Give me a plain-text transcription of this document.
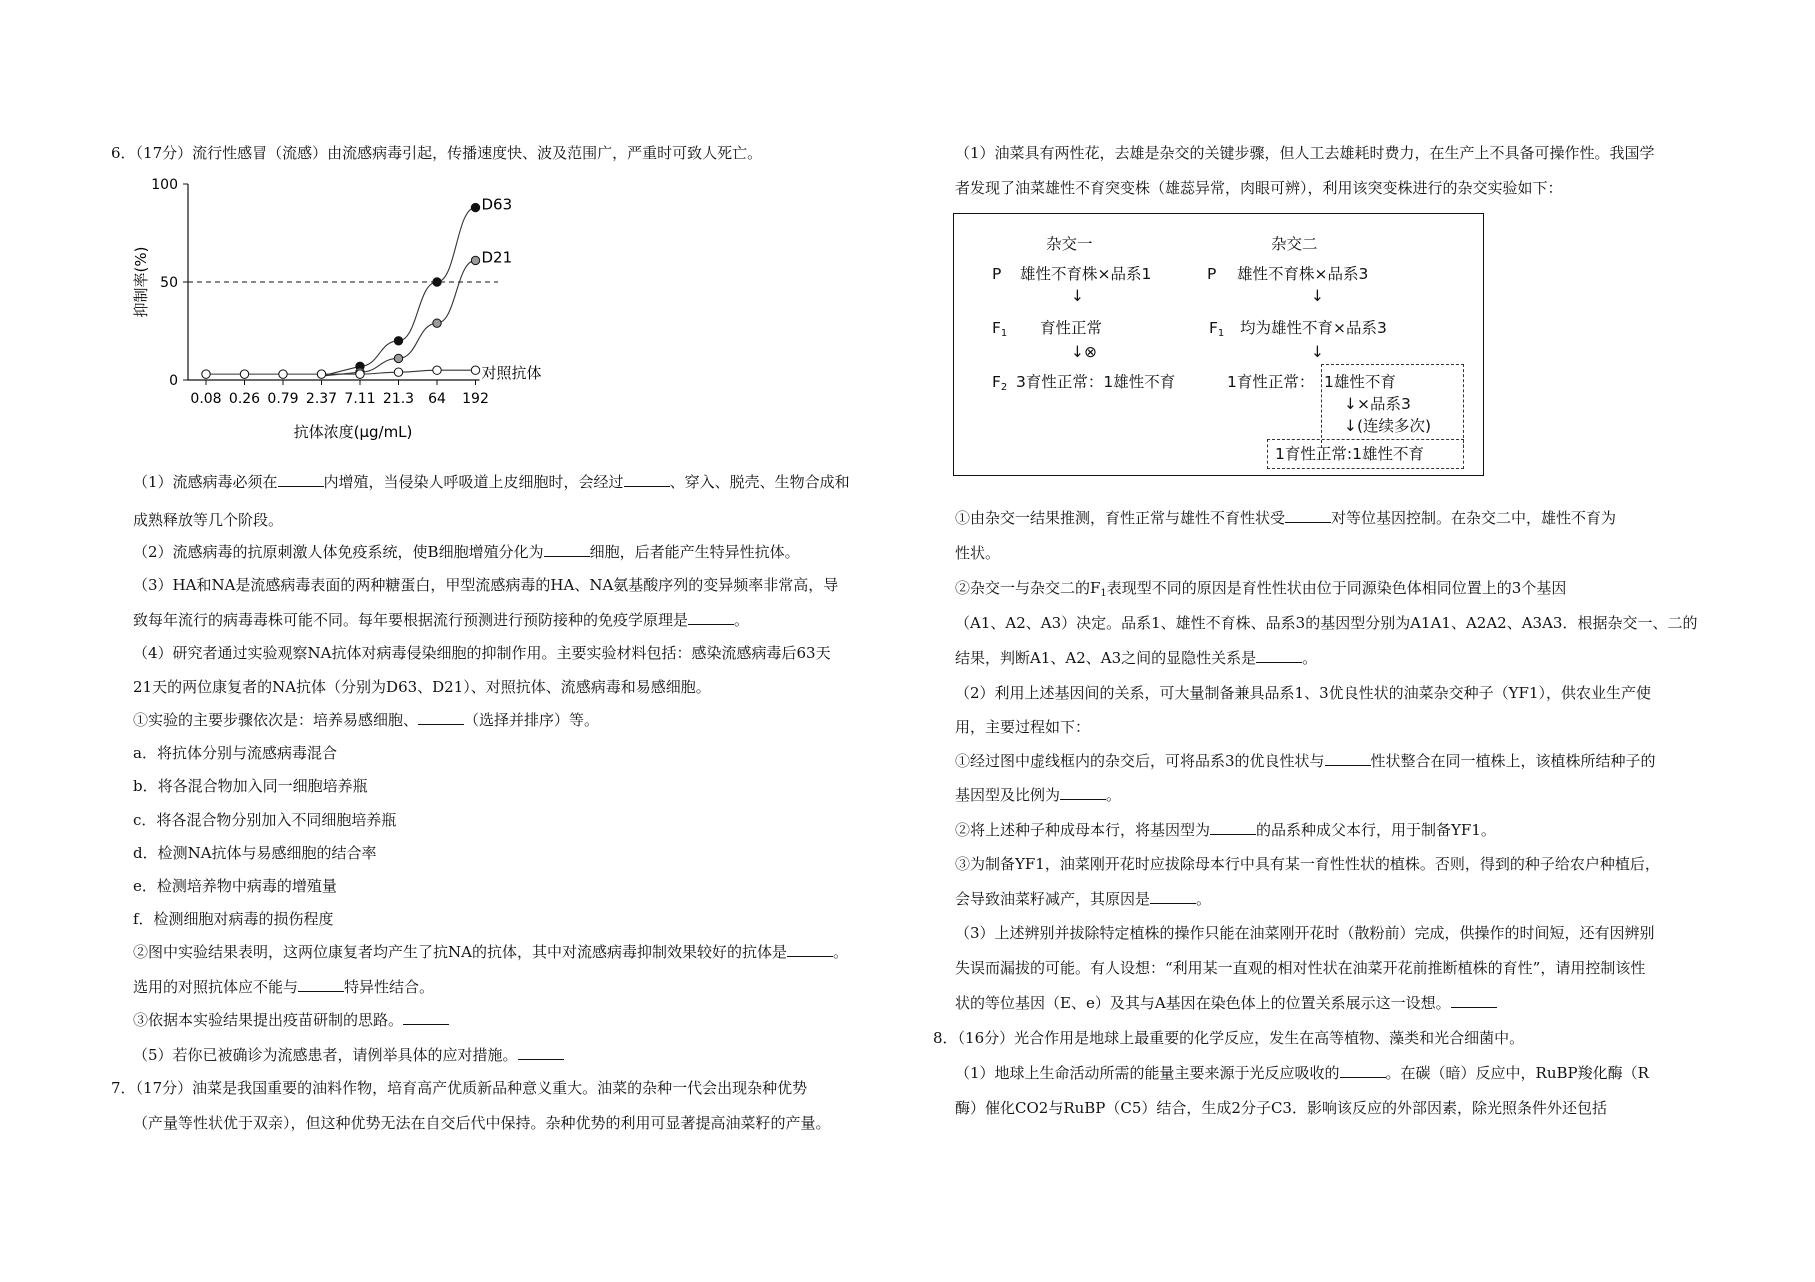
6．（17分）流行性感冒（流感）由流感病毒引起，传播速度快、波及范围广，严重时可致人死亡。
抑制率(%)
抗体浓度(μg/mL)
0
50
100
0.08 0.26 0.79 2.37 7.11 21.3 64 192
D63
D21
对照抗体
（1）流感病毒必须在	内增殖，当侵染人呼吸道上皮细胞时，会经过	、穿入、脱壳、生物合成和
成熟释放等几个阶段。
（2）流感病毒的抗原刺激人体免疫系统，使B细胞增殖分化为	细胞，后者能产生特异性抗体。
（3）HA和NA是流感病毒表面的两种糖蛋白，甲型流感病毒的HA、NA氨基酸序列的变异频率非常高，导
致每年流行的病毒毒株可能不同。每年要根据流行预测进行预防接种的免疫学原理是	。
（4）研究者通过实验观察NA抗体对病毒侵染细胞的抑制作用。主要实验材料包括：感染流感病毒后63天
21天的两位康复者的NA抗体（分别为D63、D21）、对照抗体、流感病毒和易感细胞。
①实验的主要步骤依次是：培养易感细胞、	（选择并排序）等。
a．将抗体分别与流感病毒混合
b．将各混合物加入同一细胞培养瓶
c．将各混合物分别加入不同细胞培养瓶
d．检测NA抗体与易感细胞的结合率
e．检测培养物中病毒的增殖量
f．检测细胞对病毒的损伤程度
②图中实验结果表明，这两位康复者均产生了抗NA的抗体，其中对流感病毒抑制效果较好的抗体是	。
选用的对照抗体应不能与	特异性结合。
③依据本实验结果提出疫苗研制的思路。
（5）若你已被确诊为流感患者，请例举具体的应对措施。
7．（17分）油菜是我国重要的油料作物，培育高产优质新品种意义重大。油菜的杂种一代会出现杂种优势
（产量等性状优于双亲），但这种优势无法在自交后代中保持。杂种优势的利用可显著提高油菜籽的产量。
（1）油菜具有两性花，去雄是杂交的关键步骤，但人工去雄耗时费力，在生产上不具备可操作性。我国学
者发现了油菜雄性不育突变株（雄蕊异常，肉眼可辨），利用该突变株进行的杂交实验如下：
杂交一	杂交二
P 雄性不育株×品系1	P 雄性不育株×品系3
↓	↓
$F_1$ 育性正常	$F_1$ 均为雄性不育×品系3
↓⊗	↓
$F_2$ 3育性正常：1雄性不育	1育性正常： 1雄性不育
↓×品系3
↓(连续多次)
1育性正常:1雄性不育
①由杂交一结果推测，育性正常与雄性不育性状受	对等位基因控制。在杂交二中，雄性不育为
性状。
②杂交一与杂交二的$F_1$表现型不同的原因是育性性状由位于同源染色体相同位置上的3个基因
（A1、A2、A3）决定。品系1、雄性不育株、品系3的基因型分别为A1A1、A2A2、A3A3．根据杂交一、二的
结果，判断A1、A2、A3之间的显隐性关系是	。
（2）利用上述基因间的关系，可大量制备兼具品系1、3优良性状的油菜杂交种子（YF1），供农业生产使
用，主要过程如下：
①经过图中虚线框内的杂交后，可将品系3的优良性状与	性状整合在同一植株上，该植株所结种子的
基因型及比例为	。
②将上述种子种成母本行，将基因型为	的品系种成父本行，用于制备YF1。
③为制备YF1，油菜刚开花时应拔除母本行中具有某一育性性状的植株。否则，得到的种子给农户种植后，
会导致油菜籽减产，其原因是	。
（3）上述辨别并拔除特定植株的操作只能在油菜刚开花时（散粉前）完成，供操作的时间短，还有因辨别
失误而漏拔的可能。有人设想：“利用某一直观的相对性状在油菜开花前推断植株的育性”，请用控制该性
状的等位基因（E、e）及其与A基因在染色体上的位置关系展示这一设想。
8．（16分）光合作用是地球上最重要的化学反应，发生在高等植物、藻类和光合细菌中。
（1）地球上生命活动所需的能量主要来源于光反应吸收的	。在碳（暗）反应中，RuBP羧化酶（R
酶）催化CO2与RuBP（C5）结合，生成2分子C3．影响该反应的外部因素，除光照条件外还包括
